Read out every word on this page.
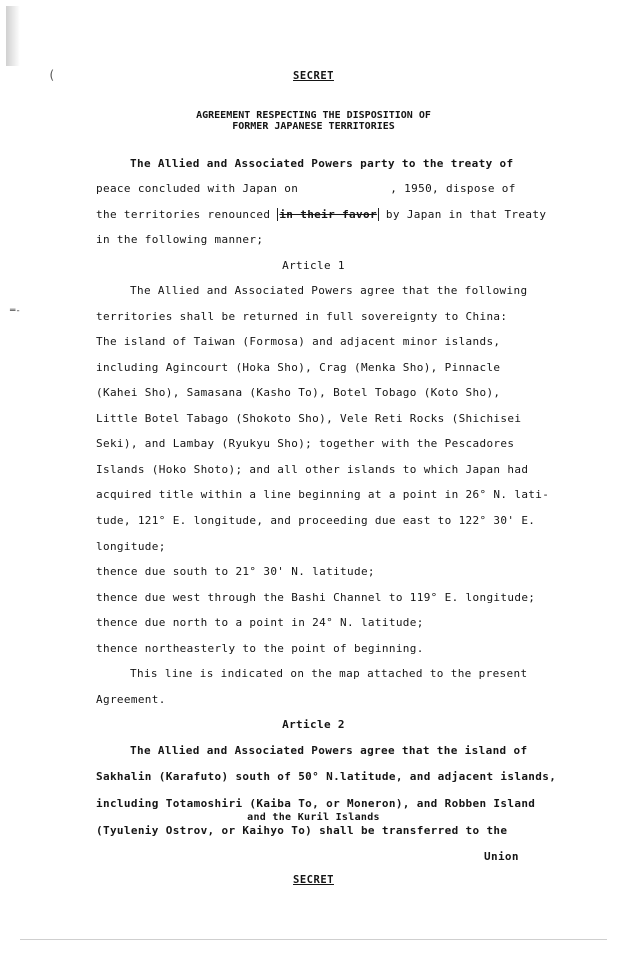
(
═-
SECRET
AGREEMENT RESPECTING THE DISPOSITION OF
FORMER JAPANESE TERRITORIES
The Allied and Associated Powers party to the treaty of
peace concluded with Japan on	, 1950, dispose of
the territories renounced in their favor by Japan in that Treaty
in the following manner;
Article 1
The Allied and Associated Powers agree that the following
territories shall be returned in full sovereignty to China:
The island of Taiwan (Formosa) and adjacent minor islands,
including Agincourt (Hoka Sho), Crag (Menka Sho), Pinnacle
(Kahei Sho), Samasana (Kasho To), Botel Tobago (Koto Sho),
Little Botel Tabago (Shokoto Sho), Vele Reti Rocks (Shichisei
Seki), and Lambay (Ryukyu Sho); together with the Pescadores
Islands (Hoko Shoto); and all other islands to which Japan had
acquired title within a line beginning at a point in 26° N. lati-
tude, 121° E. longitude, and proceeding due east to 122° 30' E.
longitude;
thence due south to 21° 30' N. latitude;
thence due west through the Bashi Channel to 119° E. longitude;
thence due north to a point in 24° N. latitude;
thence northeasterly to the point of beginning.
This line is indicated on the map attached to the present
Agreement.
Article 2
The Allied and Associated Powers agree that the island of
Sakhalin (Karafuto) south of 50° N.latitude, and adjacent islands,
including Totamoshiri (Kaiba To, or Moneron), and Robben Island
and the Kuril Islands
(Tyuleniy Ostrov, or Kaihyo To) shall be transferred to the
Union
SECRET
